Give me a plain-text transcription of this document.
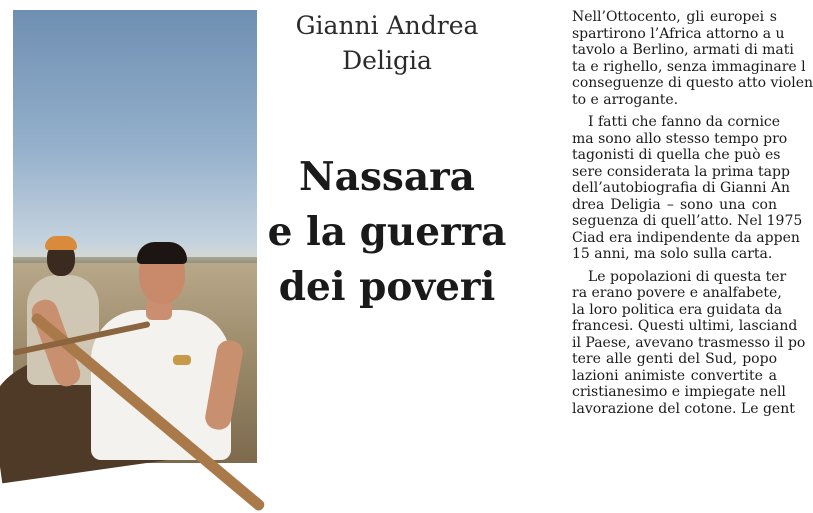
Gianni Andrea
Deligia
Nassara
e la guerra
dei poveri
Nell’Ottocento, gli europei s
spartirono l’Africa attorno a u
tavolo a Berlino, armati di mati
ta e righello, senza immaginare l
conseguenze di questo atto violen
to e arrogante.
I fatti che fanno da cornice
ma sono allo stesso tempo pro
tagonisti di quella che può es
sere considerata la prima tapp
dell’autobiografia di Gianni An
drea Deligia – sono una con
seguenza di quell’atto. Nel 1975
Ciad era indipendente da appen
15 anni, ma solo sulla carta.
Le popolazioni di questa ter
ra erano povere e analfabete,
la loro politica era guidata da
francesi. Questi ultimi, lasciand
il Paese, avevano trasmesso il po
tere alle genti del Sud, popo
lazioni animiste convertite a
cristianesimo e impiegate nell
lavorazione del cotone. Le gent
